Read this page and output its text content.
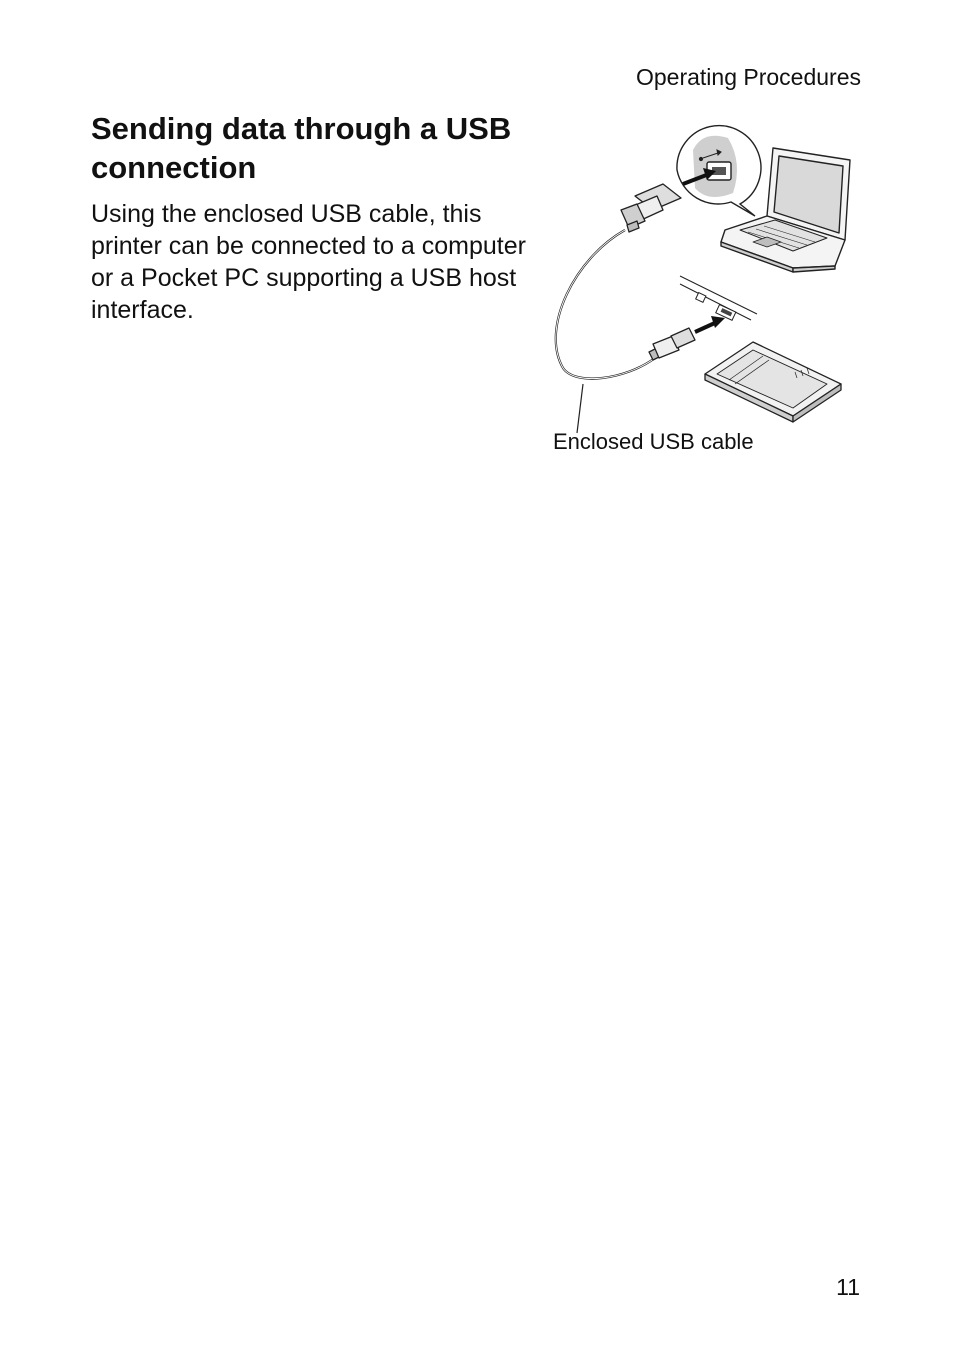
Operating Procedures
Sending data through a USB connection

Using the enclosed USB cable, this printer can be connected to a computer or a Pocket PC supporting a USB host interface.

Enclosed USB cable
11
